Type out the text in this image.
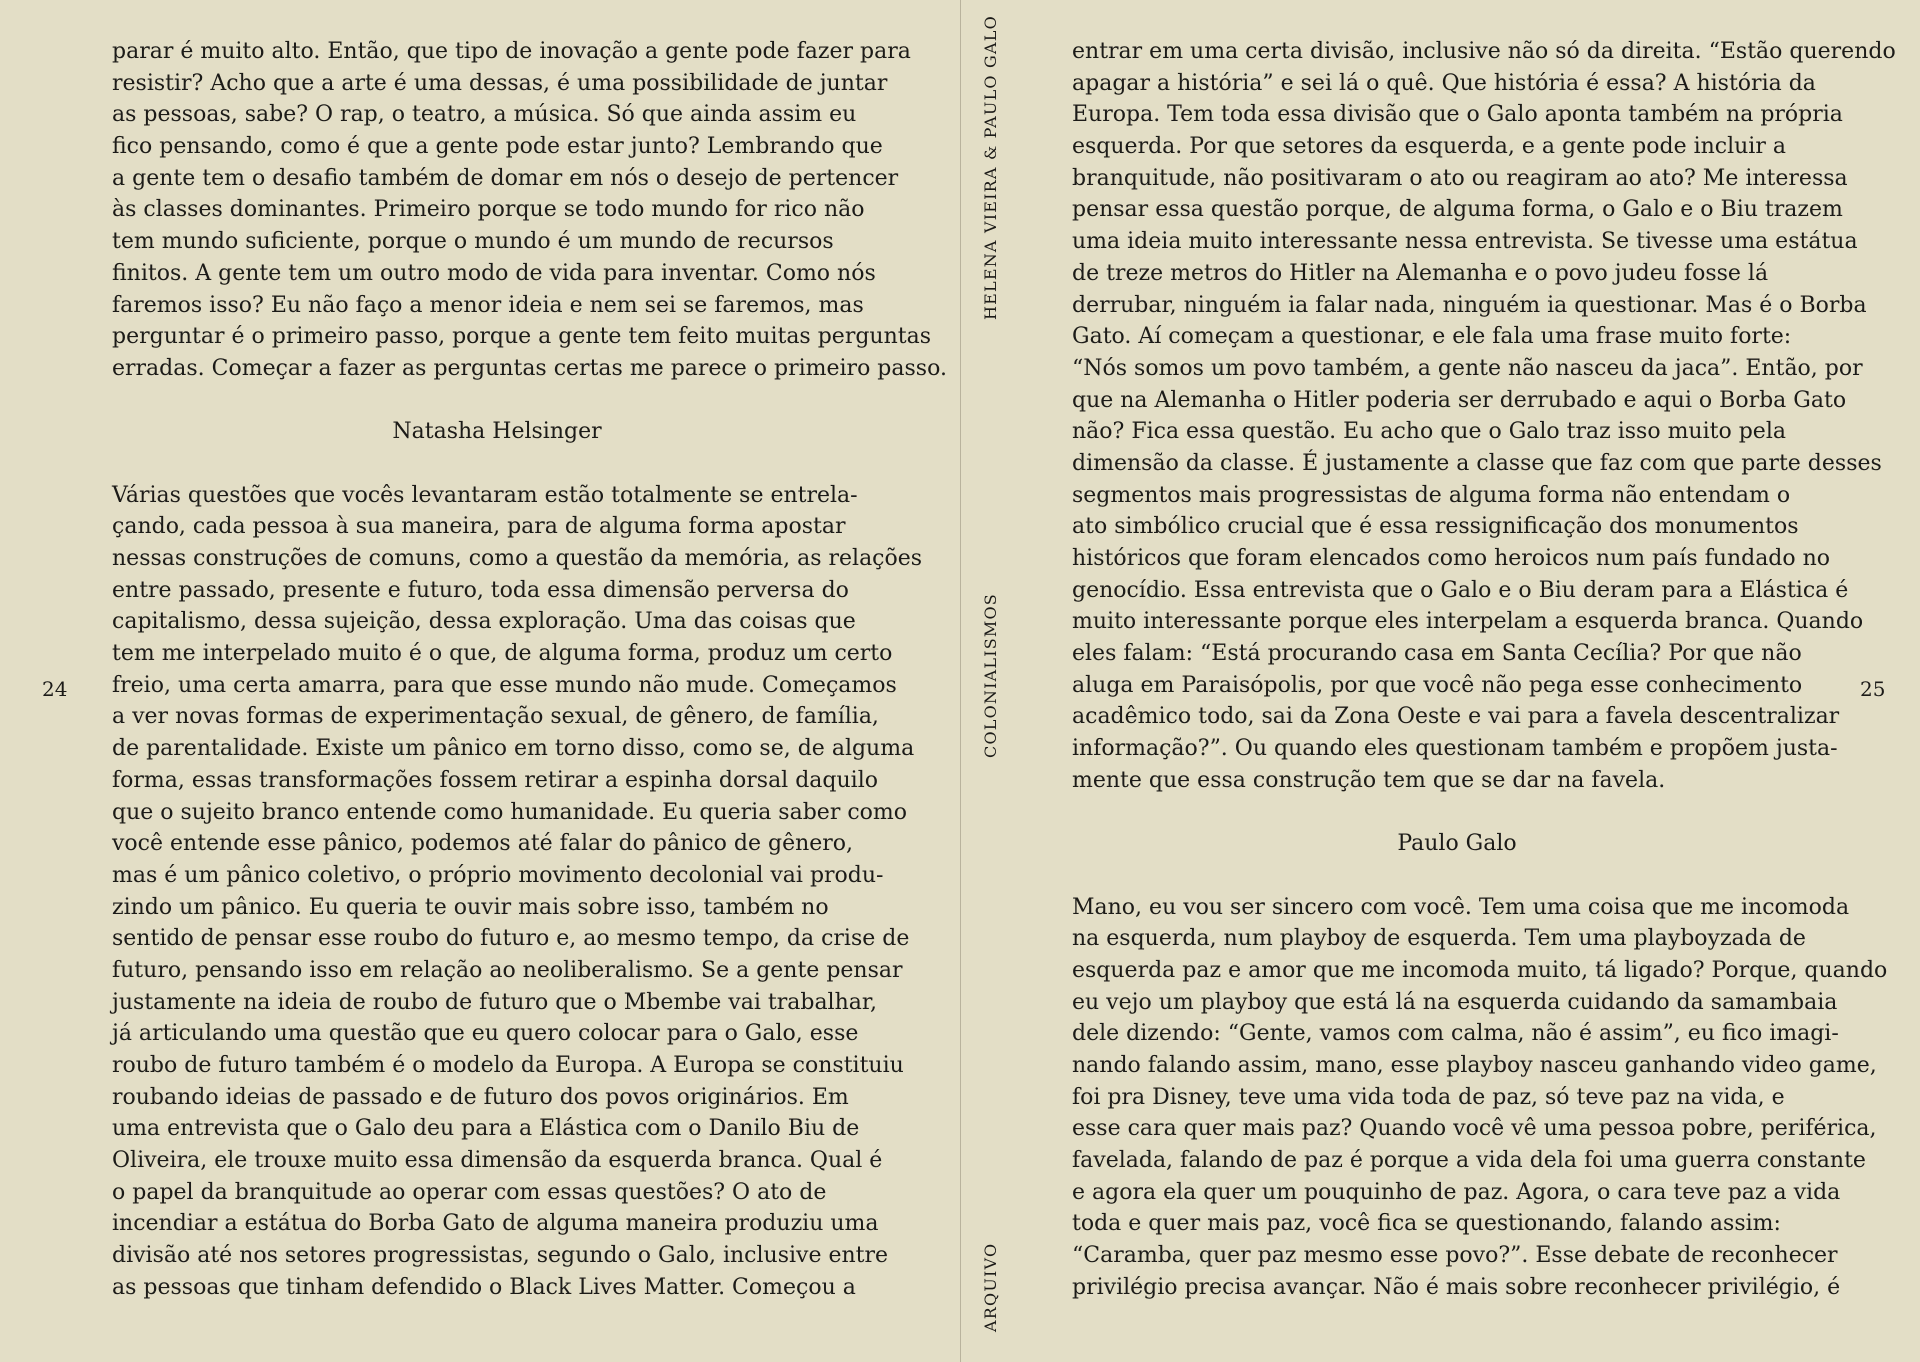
parar é muito alto. Então, que tipo de inovação a gente pode fazer para
resistir? Acho que a arte é uma dessas, é uma possibilidade de juntar
as pessoas, sabe? O rap, o teatro, a música. Só que ainda assim eu
fico pensando, como é que a gente pode estar junto? Lembrando que
a gente tem o desafio também de domar em nós o desejo de pertencer
às classes dominantes. Primeiro porque se todo mundo for rico não
tem mundo suficiente, porque o mundo é um mundo de recursos
finitos. A gente tem um outro modo de vida para inventar. Como nós
faremos isso? Eu não faço a menor ideia e nem sei se faremos, mas
perguntar é o primeiro passo, porque a gente tem feito muitas perguntas
erradas. Começar a fazer as perguntas certas me parece o primeiro passo.
Natasha Helsinger
Várias questões que vocês levantaram estão totalmente se entrela-
çando, cada pessoa à sua maneira, para de alguma forma apostar
nessas construções de comuns, como a questão da memória, as relações
entre passado, presente e futuro, toda essa dimensão perversa do
capitalismo, dessa sujeição, dessa exploração. Uma das coisas que
tem me interpelado muito é o que, de alguma forma, produz um certo
freio, uma certa amarra, para que esse mundo não mude. Começamos
a ver novas formas de experimentação sexual, de gênero, de família,
de parentalidade. Existe um pânico em torno disso, como se, de alguma
forma, essas transformações fossem retirar a espinha dorsal daquilo
que o sujeito branco entende como humanidade. Eu queria saber como
você entende esse pânico, podemos até falar do pânico de gênero,
mas é um pânico coletivo, o próprio movimento decolonial vai produ-
zindo um pânico. Eu queria te ouvir mais sobre isso, também no
sentido de pensar esse roubo do futuro e, ao mesmo tempo, da crise de
futuro, pensando isso em relação ao neoliberalismo. Se a gente pensar
justamente na ideia de roubo de futuro que o Mbembe vai trabalhar,
já articulando uma questão que eu quero colocar para o Galo, esse
roubo de futuro também é o modelo da Europa. A Europa se constituiu
roubando ideias de passado e de futuro dos povos originários. Em
uma entrevista que o Galo deu para a Elástica com o Danilo Biu de
Oliveira, ele trouxe muito essa dimensão da esquerda branca. Qual é
o papel da branquitude ao operar com essas questões? O ato de
incendiar a estátua do Borba Gato de alguma maneira produziu uma
divisão até nos setores progressistas, segundo o Galo, inclusive entre
as pessoas que tinham defendido o Black Lives Matter. Começou a
24
HELENA VIEIRA & PAULO GALO
COLONIALISMOS
ARQUIVO
entrar em uma certa divisão, inclusive não só da direita. “Estão querendo
apagar a história” e sei lá o quê. Que história é essa? A história da
Europa. Tem toda essa divisão que o Galo aponta também na própria
esquerda. Por que setores da esquerda, e a gente pode incluir a
branquitude, não positivaram o ato ou reagiram ao ato? Me interessa
pensar essa questão porque, de alguma forma, o Galo e o Biu trazem
uma ideia muito interessante nessa entrevista. Se tivesse uma estátua
de treze metros do Hitler na Alemanha e o povo judeu fosse lá
derrubar, ninguém ia falar nada, ninguém ia questionar. Mas é o Borba
Gato. Aí começam a questionar, e ele fala uma frase muito forte:
“Nós somos um povo também, a gente não nasceu da jaca”. Então, por
que na Alemanha o Hitler poderia ser derrubado e aqui o Borba Gato
não? Fica essa questão. Eu acho que o Galo traz isso muito pela
dimensão da classe. É justamente a classe que faz com que parte desses
segmentos mais progressistas de alguma forma não entendam o
ato simbólico crucial que é essa ressignificação dos monumentos
históricos que foram elencados como heroicos num país fundado no
genocídio. Essa entrevista que o Galo e o Biu deram para a Elástica é
muito interessante porque eles interpelam a esquerda branca. Quando
eles falam: “Está procurando casa em Santa Cecília? Por que não
aluga em Paraisópolis, por que você não pega esse conhecimento
acadêmico todo, sai da Zona Oeste e vai para a favela descentralizar
informação?”. Ou quando eles questionam também e propõem justa-
mente que essa construção tem que se dar na favela.
Paulo Galo
Mano, eu vou ser sincero com você. Tem uma coisa que me incomoda
na esquerda, num playboy de esquerda. Tem uma playboyzada de
esquerda paz e amor que me incomoda muito, tá ligado? Porque, quando
eu vejo um playboy que está lá na esquerda cuidando da samambaia
dele dizendo: “Gente, vamos com calma, não é assim”, eu fico imagi-
nando falando assim, mano, esse playboy nasceu ganhando video game,
foi pra Disney, teve uma vida toda de paz, só teve paz na vida, e
esse cara quer mais paz? Quando você vê uma pessoa pobre, periférica,
favelada, falando de paz é porque a vida dela foi uma guerra constante
e agora ela quer um pouquinho de paz. Agora, o cara teve paz a vida
toda e quer mais paz, você fica se questionando, falando assim:
“Caramba, quer paz mesmo esse povo?”. Esse debate de reconhecer
privilégio precisa avançar. Não é mais sobre reconhecer privilégio, é
25
